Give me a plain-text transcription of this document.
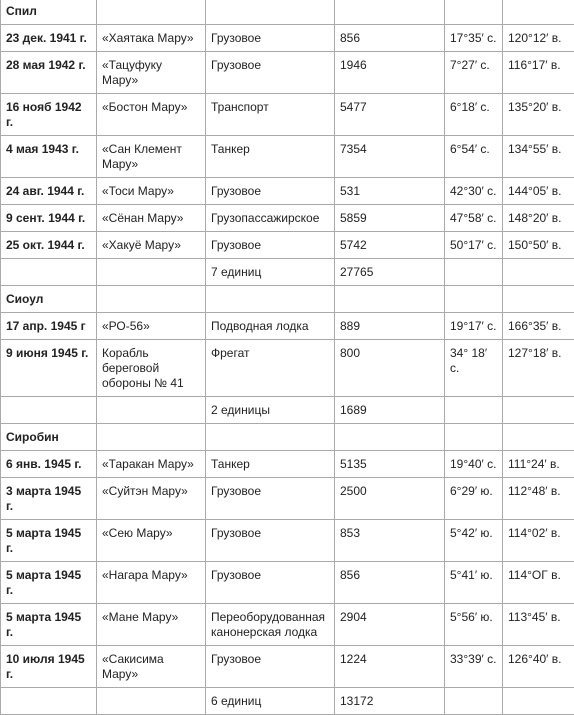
Спил					
23 дек. 1941 г.	«Хаятака Мару»	Грузовое	856	17°35′ с.	120°12′ в.
28 мая 1942 г.	«Тацуфуку Мару»	Грузовое	1946	7°27′ с.	116°17′ в.
16 нояб 1942 г.	«Бостон Мару»	Транспорт	5477	6°18′ с.	135°20′ в.
4 мая 1943 г.	«Сан Клемент Мару»	Танкер	7354	6°54′ с.	134°55′ в.
24 авг. 1944 г.	«Тоси Мару»	Грузовое	531	42°30′ с.	144°05′ в.
9 сент. 1944 г.	«Сёнан Мару»	Грузопассажирское	5859	47°58′ с.	148°20′ в.
25 окт. 1944 г.	«Хакуё Мару»	Грузовое	5742	50°17′ с.	150°50′ в.
		7 единиц	27765		
Сиоул					
17 апр. 1945 г	«РО-56»	Подводная лодка	889	19°17′ с.	166°35′ в.
9 июня 1945 г.	Корабль береговой обороны № 41	Фрегат	800	34° 18′ с.	127°18′ в.
		2 единицы	1689		
Сиробин					
6 янв. 1945 г.	«Таракан Мару»	Танкер	5135	19°40′ с.	111°24′ в.
3 марта 1945 г.	«Суйтэн Мару»	Грузовое	2500	6°29′ ю.	112°48′ в.
5 марта 1945 г.	«Сею Мару»	Грузовое	853	5°42′ ю.	114°02′ в.
5 марта 1945 г.	«Нагара Мару»	Грузовое	856	5°41′ ю.	114°ОГ в.
5 марта 1945 г.	«Мане Мару»	Переоборудованная канонерская лодка	2904	5°56′ ю.	113°45′ в.
10 июля 1945 г.	«Сакисима Мару»	Грузовое	1224	33°39′ с.	126°40′ в.
		6 единиц	13172		
